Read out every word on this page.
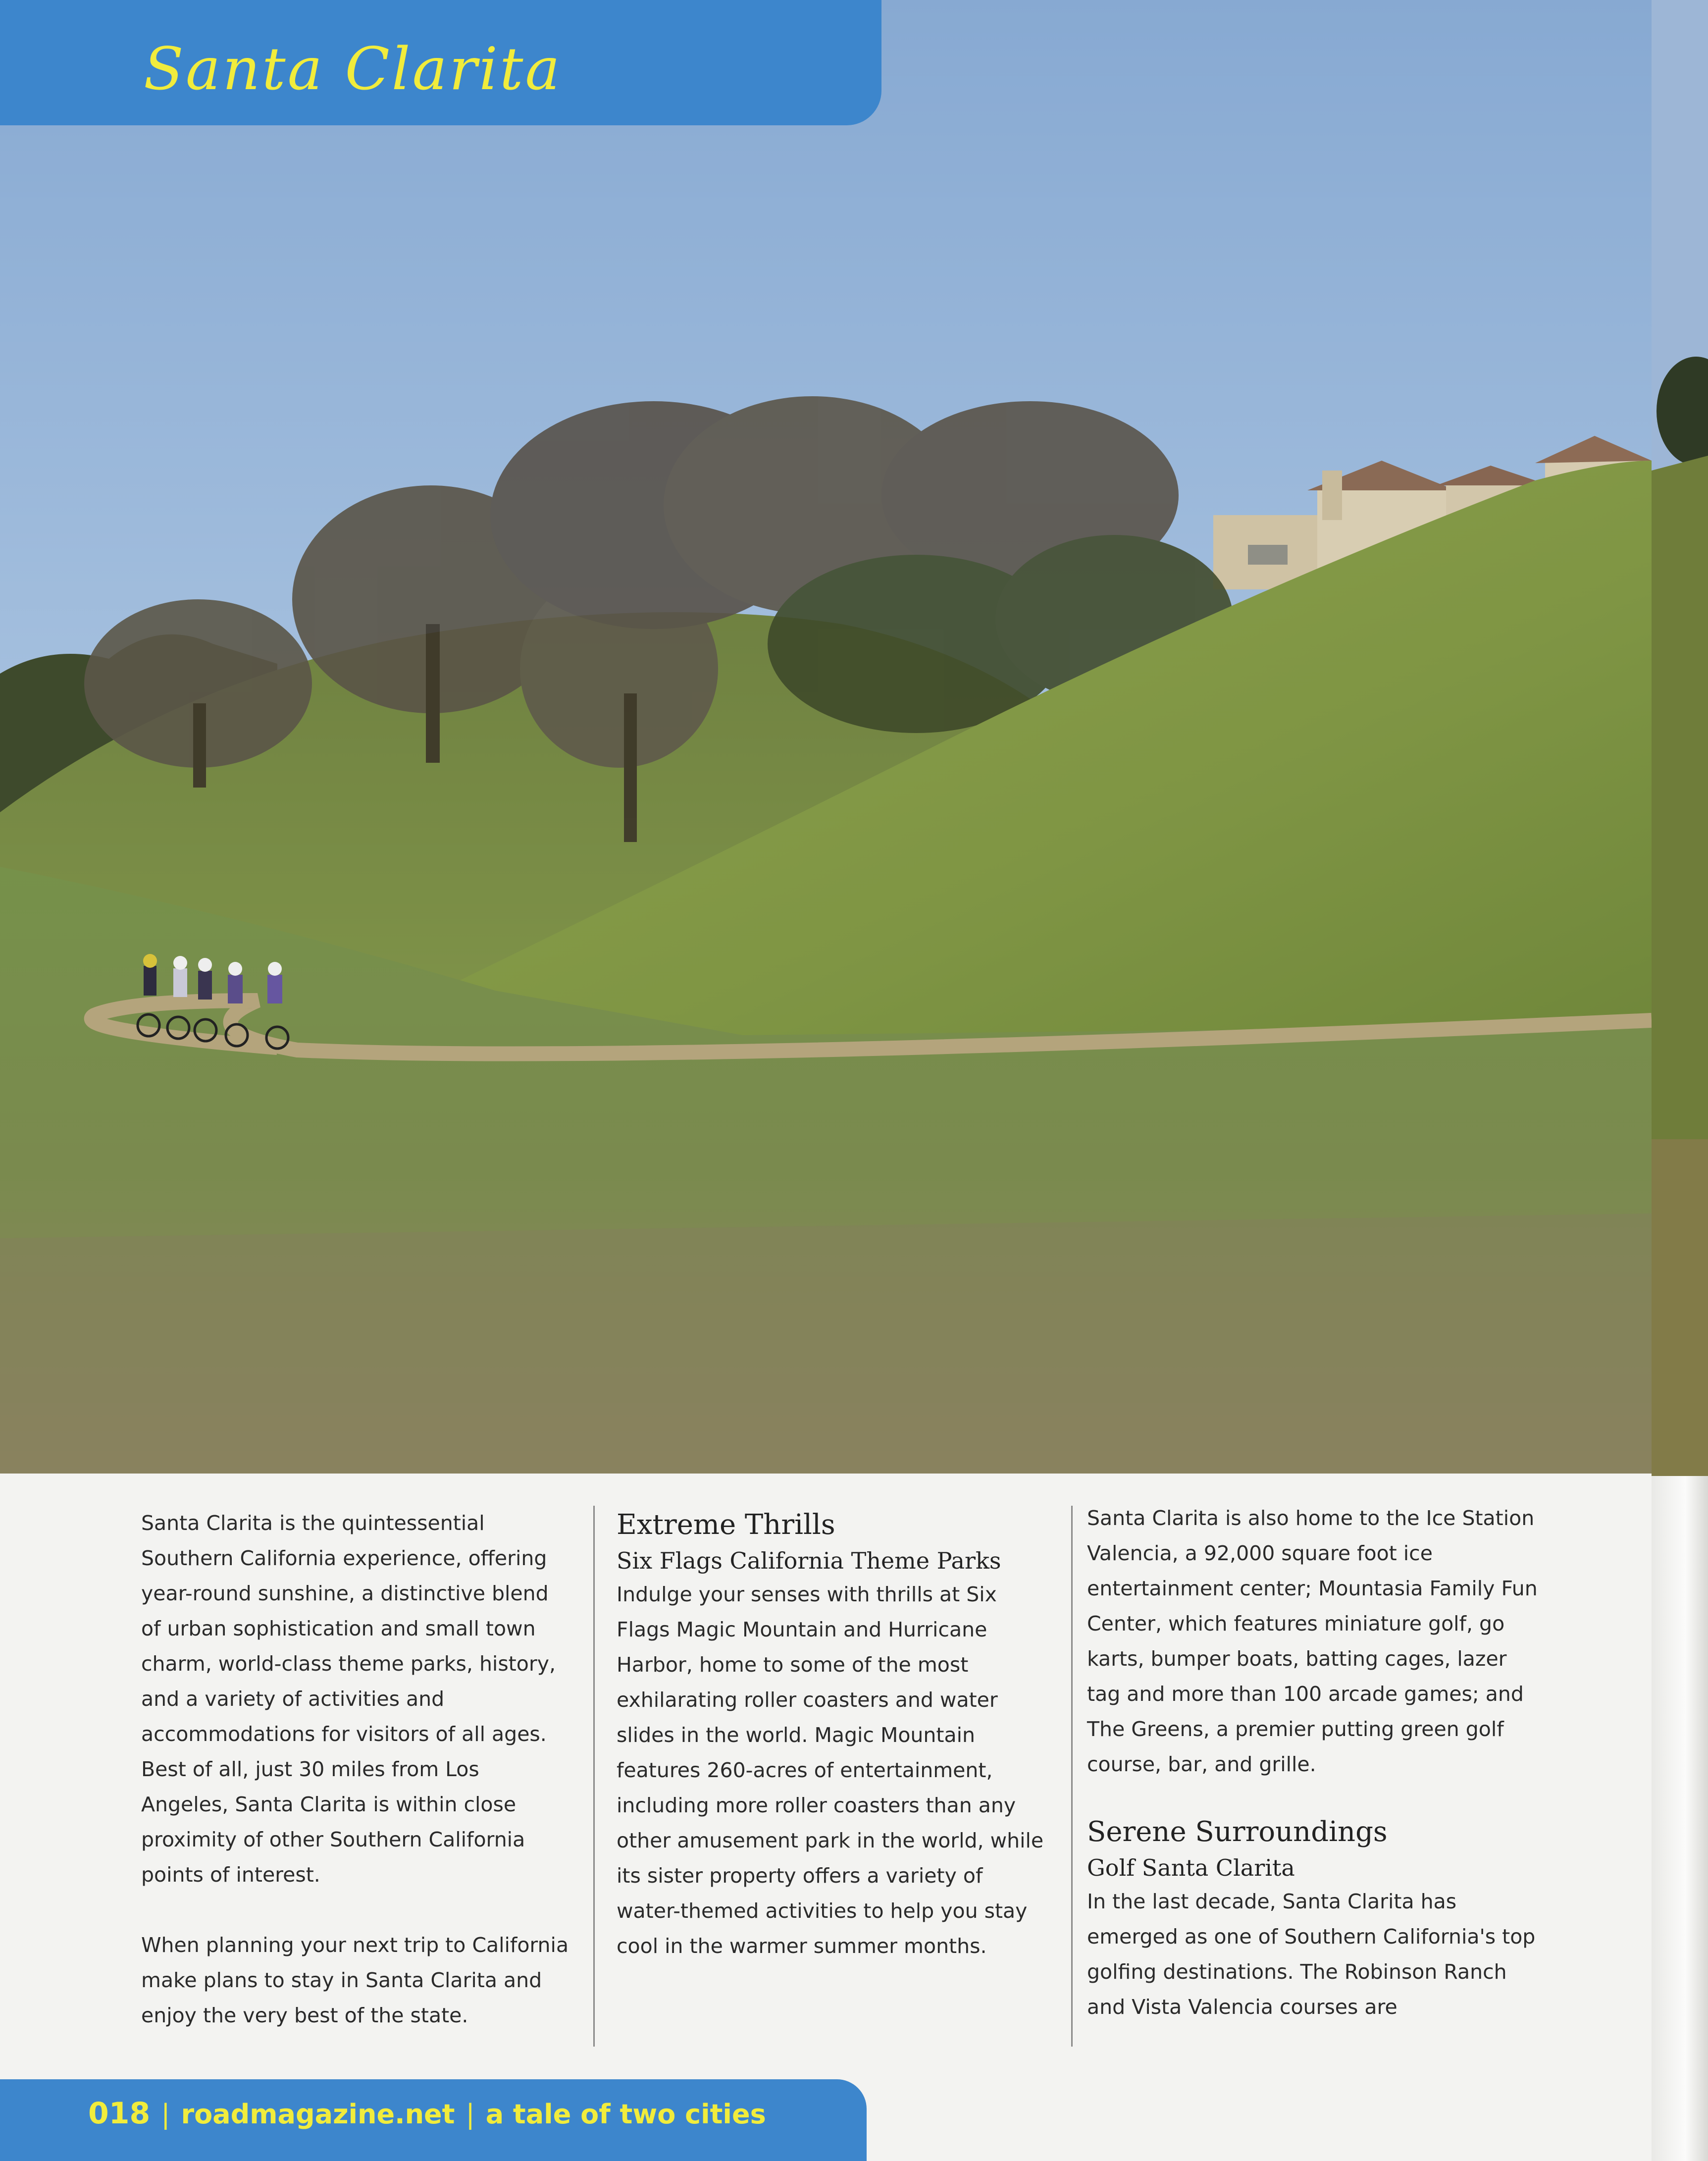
Santa Clarita

Santa Clarita is the quintessential Southern California experience, offering year-round sunshine, a distinctive blend of urban sophistication and small town charm, world-class theme parks, history, and a variety of activities and accommodations for visitors of all ages. Best of all, just 30 miles from Los Angeles, Santa Clarita is within close proximity of other Southern California points of interest.

When planning your next trip to California make plans to stay in Santa Clarita and enjoy the very best of the state.

Extreme Thrills
Six Flags California Theme Parks

Indulge your senses with thrills at Six Flags Magic Mountain and Hurricane Harbor, home to some of the most exhilarating roller coasters and water slides in the world. Magic Mountain features 260-acres of entertainment, including more roller coasters than any other amusement park in the world, while its sister property offers a variety of water-themed activities to help you stay cool in the warmer summer months.

Santa Clarita is also home to the Ice Station Valencia, a 92,000 square foot ice entertainment center; Mountasia Family Fun Center, which features miniature golf, go karts, bumper boats, batting cages, lazer tag and more than 100 arcade games; and The Greens, a premier putting green golf course, bar, and grille.

Serene Surroundings
Golf Santa Clarita

In the last decade, Santa Clarita has emerged as one of Southern California's top golfing destinations. The Robinson Ranch and Vista Valencia courses are

018 | roadmagazine.net | a tale of two cities
